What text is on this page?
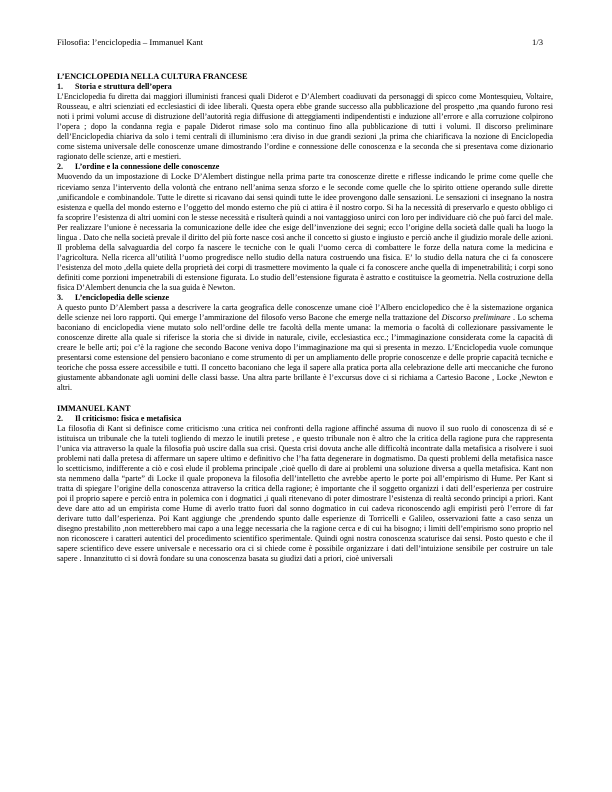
Filosofia: l’enciclopedia – Immanuel Kant	1/3
L’ENCICLOPEDIA NELLA CULTURA FRANCESE
1.	Storia e struttura dell’opera

L’Enciclopedia fu diretta dai maggiori illuministi francesi quali Diderot e D’Alembert coadiuvati da personaggi di spicco come Montesquieu, Voltaire, Rousseau, e altri scienziati ed ecclesiastici di idee liberali. Questa opera ebbe grande successo alla pubblicazione del prospetto ,ma quando furono resi noti i primi volumi accuse di distruzione dell’autorità regia diffusione di atteggiamenti indipendentisti e induzione all’errore e alla corruzione colpirono l’opera ; dopo la condanna regia e papale Diderot rimase solo ma continuo fino alla pubblicazione di tutti i volumi. Il discorso preliminare dell’Enciclopedia chiariva da solo i temi centrali di illuminismo :era diviso in due grandi sezioni ,la prima che chiarificava la nozione di Enciclopedia come sistema universale delle conoscenze umane dimostrando l’ordine e connessione delle conoscenza e la seconda che si presentava come dizionario ragionato delle scienze, arti e mestieri.

2.	L’ordine e la connessione delle conoscenze

Muovendo da un impostazione di Locke D’Alembert distingue nella prima parte tra conoscenze dirette e riflesse indicando le prime come quelle che riceviamo senza l’intervento della volontà che entrano nell’anima senza sforzo e le seconde come quelle che lo spirito ottiene operando sulle dirette ,unificandole e combinandole. Tutte le dirette si ricavano dai sensi quindi tutte le idee provengono dalle sensazioni. Le sensazioni ci insegnano la nostra esistenza e quella del mondo esterno e l’oggetto del mondo esterno che più ci attira è il nostro corpo. Si ha la necessità di preservarlo e questo obbligo ci fa scoprire l’esistenza di altri uomini con le stesse necessità e risulterà quindi a noi vantaggioso unirci con loro per individuare ciò che può farci del male. Per realizzare l’unione è necessaria la comunicazione delle idee che esige dell’invenzione dei segni; ecco l’origine della società dalle quali ha luogo la lingua . Dato che nella società prevale il diritto del più forte nasce così anche il concetto si giusto e ingiusto e perciò anche il giudizio morale delle azioni. Il problema della salvaguardia del corpo fa nascere le tecniche con le quali l’uomo cerca di combattere le forze della natura come la medicina e l’agricoltura. Nella ricerca all’utilità l’uomo progredisce nello studio della natura costruendo una fisica. E’ lo studio della natura che ci fa conoscere l’esistenza del moto ,della quiete della proprietà dei corpi di trasmettere movimento la quale ci fa conoscere anche quella di impenetrabilità; i corpi sono definiti come porzioni impenetrabili di estensione figurata. Lo studio dell’estensione figurata è astratto e costituisce la geometria. Nella costruzione della fisica D’Alembert denuncia che la sua guida è Newton.

3.	L’enciclopedia delle scienze

A questo punto D’Alembert passa a descrivere la carta geografica delle conoscenze umane cioè l’Albero enciclopedico che è la sistemazione organica delle scienze nei loro rapporti. Qui emerge l’ammirazione del filosofo verso Bacone che emerge nella trattazione del Discorso preliminare . Lo schema baconiano di enciclopedia viene mutato solo nell’ordine delle tre facoltà della mente umana: la memoria o facoltà di collezionare passivamente le conoscenze dirette alla quale si riferisce la storia che si divide in naturale, civile, ecclesiastica ecc.; l’immaginazione considerata come la capacità di creare le belle arti; poi c’è la ragione che secondo Bacone veniva dopo l’immaginazione ma qui si presenta in mezzo. L’Enciclopedia vuole comunque presentarsi come estensione del pensiero baconiano e come strumento di per un ampliamento delle proprie conoscenze e delle proprie capacità tecniche e teoriche che possa essere accessibile e tutti. Il concetto baconiano che lega il sapere alla pratica porta alla celebrazione delle arti meccaniche che furono giustamente abbandonate agli uomini delle classi basse. Una altra parte brillante è l’excursus dove ci si richiama a Cartesio Bacone , Locke ,Newton e altri.

IMMANUEL KANT
2.	Il criticismo: fisica e metafisica

La filosofia di Kant si definisce come criticismo :una critica nei confronti della ragione affinché assuma di nuovo il suo ruolo di conoscenza di sé e istituisca un tribunale che la tuteli togliendo di mezzo le inutili pretese , e questo tribunale non è altro che la critica della ragione pura che rappresenta l’unica via attraverso la quale la filosofia può uscire dalla sua crisi. Questa crisi dovuta anche alle difficoltà incontrate dalla metafisica a risolvere i suoi problemi nati dalla pretesa di affermare un sapere ultimo e definitivo che l’ha fatta degenerare in dogmatismo. Da questi problemi della metafisica nasce lo scetticismo, indifferente a ciò e così elude il problema principale ,cioè quello di dare ai problemi una soluzione diversa a quella metafisica. Kant non sta nemmeno dalla “parte” di Locke il quale proponeva la filosofia dell’intelletto che avrebbe aperto le porte poi all’empirismo di Hume. Per Kant si tratta di spiegare l’origine della conoscenza attraverso la critica della ragione; è importante che il soggetto organizzi i dati dell’esperienza per costruire poi il proprio sapere e perciò entra in polemica con i dogmatici ,i quali ritenevano di poter dimostrare l’esistenza di realtà secondo principi a priori. Kant deve dare atto ad un empirista come Hume di averlo tratto fuori dal sonno dogmatico in cui cadeva riconoscendo agli empiristi però l’errore di far derivare tutto dall’esperienza. Poi Kant aggiunge che ,prendendo spunto dalle esperienze di Torricelli e Galileo, osservazioni fatte a caso senza un disegno prestabilito ,non metterebbero mai capo a una legge necessaria che la ragione cerca e di cui ha bisogno; i limiti dell’empirismo sono proprio nel non riconoscere i caratteri autentici del procedimento scientifico sperimentale. Quindi ogni nostra conoscenza scaturisce dai sensi. Posto questo e che il sapere scientifico deve essere universale e necessario ora ci si chiede come è possibile organizzare i dati dell’intuizione sensibile per costruire un tale sapere . Innanzitutto ci si dovrà fondare su una conoscenza basata su giudizi dati a priori, cioè universali
